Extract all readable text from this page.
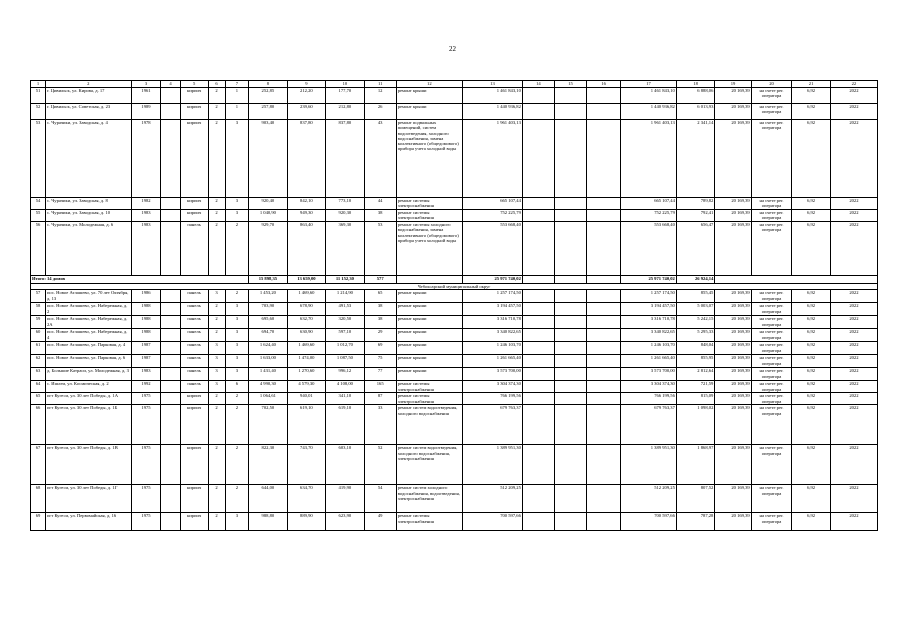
22
1	2	3	4	5	6	7	8	9	10	11	12	13	14	15	16	17	18	19	20	21	22
51	г. Цивильск, ул. Кирова, д. 17	1961		кирпич	2	1	252,85	212,20	177,70	12	ремонт крыши	1 461 843,10				1 461 843,10	6 888,06	20 169,39	на счете рег. оператора	6,92	2022
52	г. Цивильск, ул. Советская, д. 23	1989		кирпич	2	1	257,80	239,60	212,80	26	ремонт крыши	1 440 936,82				1 440 936,82	6 013,93	20 169,39	на счете рег. оператора	6,92	2022
53	с. Чурачики, ул. Заводская, д. 4	1978		кирпич	2	3	903,40	837,80	837,80	43	ремонт подвальных помещений, систем водоотведения, холодного водоснабжения, замена коллективного (общедомового) прибора учета холодной воды	1 961 403,13				1 961 403,13	2 341,14	20 169,39	на счете рег. оператора	6,92	2022
54	с. Чурачики, ул. Заводская, д. 8	1982		кирпич	2	3	920,40	842,10	773,10	44	ремонт системы электроснабжения	665 107,44				665 107,44	789,82	20 169,39	на счете рег. оператора	6,92	2022
55	с. Чурачики, ул. Заводская, д. 10	1983		кирпич	2	3	1 040,90	949,30	920,30	38	ремонт системы электроснабжения	752 225,79				752 225,79	792,41	20 169,39	на счете рег. оператора	6,92	2022
56	с. Чурачики, ул. Молодежная, д. 6	1983		панель	2	2	929,70	863,40	369,30	53	ремонт системы холодного водоснабжения, замена коллективного (общедомового) прибора учета холодной воды	553 668,40				553 668,40	656,47	20 169,39	на счете рег. оператора	6,92	2022
Итого: 14 домов							15 898,35	13 659,00	11 152,30	577		25 971 740,02				25 971 740,02	26 924,14				
Чебоксарский муниципальный округ																					
57	пос. Новое Атлашево, ул. 70 лет Октября, д. 13	1986		панель	3	2	1 453,20	1 469,60	1 214,90	65	ремонт крыши	1 257 174,50				1 257 174,50	855,45	20 169,39	на счете рег. оператора	6,92	2022
58	пос. Новое Атлашево, ул. Набережная, д. 2	1988		панель	2	3	703,90	678,90	491,53	38	ремонт крыши	3 194 457,50				3 194 457,50	5 003,07	20 169,39	на счете рег. оператора	6,92	2022
59	пос. Новое Атлашево, ул. Набережная, д. 2А	1988		панель	2	3	695,60	632,70	320,50	38	ремонт крыши	3 316 710,78				3 316 710,78	5 242,15	20 169,39	на счете рег. оператора	6,92	2022
60	пос. Новое Атлашево, ул. Набережная, д. 4	1988		панель	2	3	694,70	630,90	597,10	29	ремонт крыши	3 340 822,65				3 340 822,65	5 295,33	20 169,39	на счете рег. оператора	6,92	2022
61	пос. Новое Атлашево, ул. Парковая, д. 4	1987		панель	3	3	1 624,40	1 469,60	1 012,70	69	ремонт крыши	1 246 103,70				1 246 103,70	848,04	20 169,39	на счете рег. оператора	6,92	2022
62	пос. Новое Атлашево, ул. Парковая, д. 6	1987		панель	3	3	1 633,00	1 474,00	1 087,50	75	ремонт крыши	1 261 665,40				1 261 665,40	855,95	20 169,39	на счете рег. оператора	6,92	2022
63	д. Большие Катраси, ул. Молодежная, д. 3	1983		панель	3	3	1 431,40	1 270,60	996,12	77	ремонт крыши	3 573 700,00				3 573 700,00	2 812,64	20 169,39	на счете рег. оператора	6,92	2022
64	с. Ишлеи, ул. Космическая, д. 2	1992		панель	3	6	4 990,30	4 579,30	4 108,00	165	ремонт системы электроснабжения	3 304 374,30				3 304 374,30	721,59	20 169,39	на счете рег. оператора	6,92	2022
65	пгт Кугеси, ул. 30 лет Победы, д. 1А	1975		кирпич	2	2	1 064,61	940,01	341,10	87	ремонт системы электроснабжения	766 199,56				766 199,56	815,09	20 169,39	на счете рег. оператора	6,92	2022
66	пгт Кугеси, ул. 30 лет Победы, д. 1Б	1975		кирпич	2	2	702,50	619,10	619,10	33	ремонт систем водоотведения, холодного водоснабжения	679 763,37				679 763,37	1 098,02	20 169,39	на счете рег. оператора	6,92	2022
67	пгт Кугеси, ул. 30 лет Победы, д. 1В	1975		кирпич	2	2	822,30	743,70	603,10	52	ремонт систем водоотведения, холодного водоснабжения, электроснабжения	1 389 951,30				1 389 951,30	1 868,97	20 169,39	на счете рег. оператора	6,92	2022
68	пгт Кугеси, ул. 30 лет Победы, д. 1Г	1975		кирпич	2	2	644,00	634,70	419,90	54	ремонт систем холодного водоснабжения, водоотведения, электроснабжения	512 209,25				512 209,25	807,52	20 169,39	на счете рег. оператора	6,92	2022
69	пгт Кугеси, ул. Первомайская, д. 16	1975		кирпич	2	3	988,80	889,90	623,90	49	ремонт системы электроснабжения	700 597,66				700 597,66	787,28	20 169,39	на счете рег. оператора	6,92	2022
